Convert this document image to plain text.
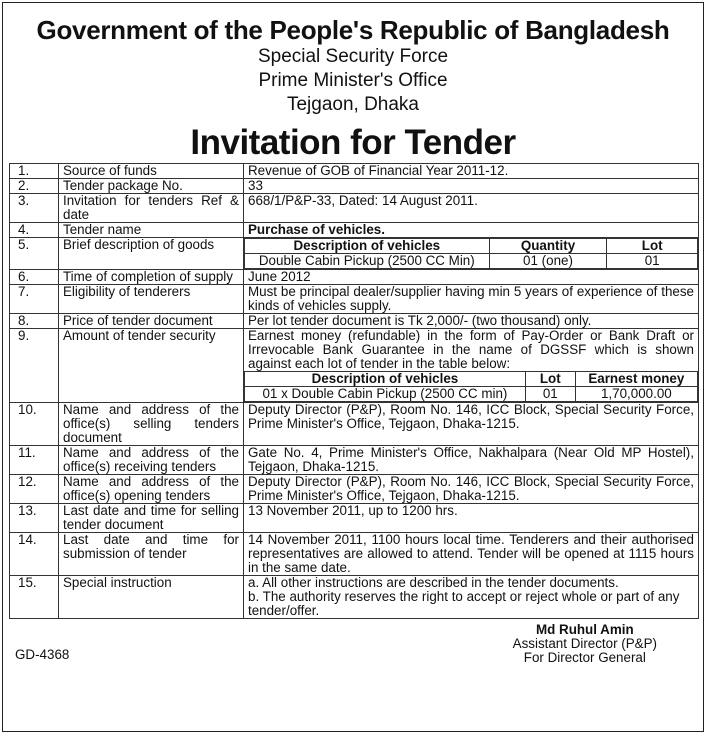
Government of the People's Republic of Bangladesh
Special Security Force
Prime Minister's Office
Tejgaon, Dhaka
Invitation for Tender
1.	Source of funds	Revenue of GOB of Financial Year 2011-12.
2.	Tender package No.	33
3.	Invitation for tenders Ref & date	668/1/P&P-33, Dated: 14 August 2011.
4.	Tender name	Purchase of vehicles.
5.	Brief description of goods		Description of vehicles	Quantity	Lot
Double Cabin Pickup (2500 CC Min)	01 (one)	01

6.	Time of completion of supply	June 2012
7.	Eligibility of tenderers	Must be principal dealer/supplier having min 5 years of experience of these kinds of vehicles supply.
8.	Price of tender document	Per lot tender document is Tk 2,000/- (two thousand) only.
9.	Amount of tender security	Earnest money (refundable) in the form of Pay-Order or Bank Draft or Irrevocable Bank Guarantee in the name of DGSSF which is shown against each lot of tender in the table below:
Description of vehicles	Lot	Earnest money
01 x Double Cabin Pickup (2500 CC min)	01	1,70,000.00

10.	Name and address of the office(s) selling tenders document	Deputy Director (P&P), Room No. 146, ICC Block, Special Security Force, Prime Minister's Office, Tejgaon, Dhaka-1215.
11.	Name and address of the office(s) receiving tenders	Gate No. 4, Prime Minister's Office, Nakhalpara (Near Old MP Hostel), Tejgaon, Dhaka-1215.
12.	Name and address of the office(s) opening tenders	Deputy Director (P&P), Room No. 146, ICC Block, Special Security Force, Prime Minister's Office, Tejgaon, Dhaka-1215.
13.	Last date and time for selling tender document	13 November 2011, up to 1200 hrs.
14.	Last date and time for submission of tender	14 November 2011, 1100 hours local time. Tenderers and their authorised representatives are allowed to attend. Tender will be opened at 1115 hours in the same date.
15.	Special instruction	a. All other instructions are described in the tender documents.
b. The authority reserves the right to accept or reject whole or part of any tender/offer.
GD-4368
Md Ruhul Amin
Assistant Director (P&P)
For Director General
